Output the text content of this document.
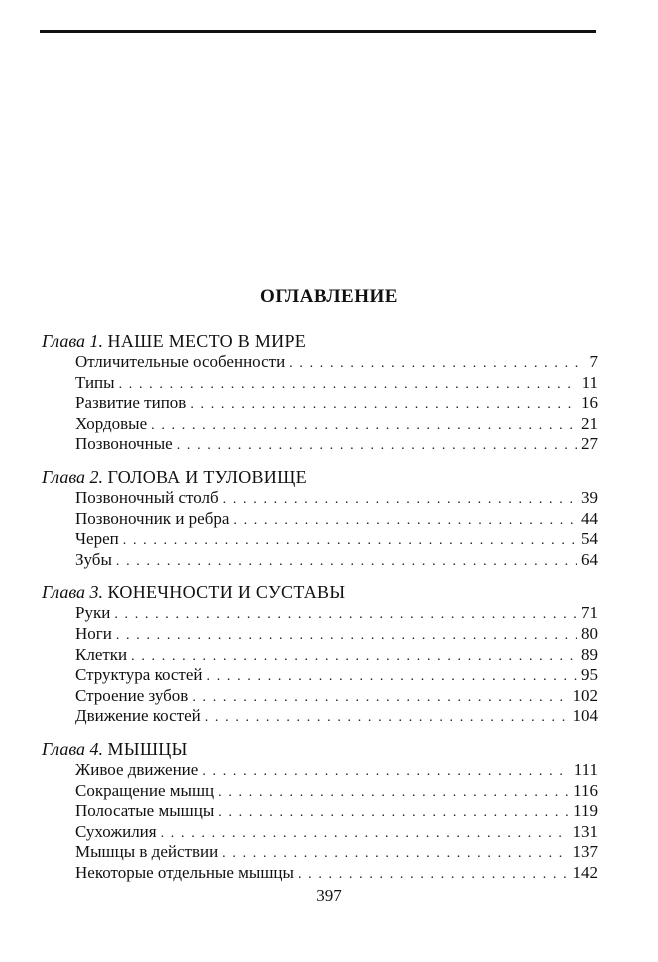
ОГЛАВЛЕНИЕ
Глава 1. НАШЕ МЕСТО В МИРЕ
Отличительные особенности . . .	7
Типы . . .	11
Развитие типов . . .	16
Хордовые . . .	21
Позвоночные . . .	27
Глава 2. ГОЛОВА И ТУЛОВИЩЕ
Позвоночный столб . . .	39
Позвоночник и ребра . . .	44
Череп . . .	54
Зубы . . .	64
Глава 3. КОНЕЧНОСТИ И СУСТАВЫ
Руки . . .	71
Ноги . . .	80
Клетки . . .	89
Структура костей . . .	95
Строение зубов . . .	102
Движение костей . . .	104
Глава 4. МЫШЦЫ
Живое движение . . .	111
Сокращение мышц . . .	116
Полосатые мышцы . . .	119
Сухожилия . . .	131
Мышцы в действии . . .	137
Некоторые отдельные мышцы . . .	142
397
